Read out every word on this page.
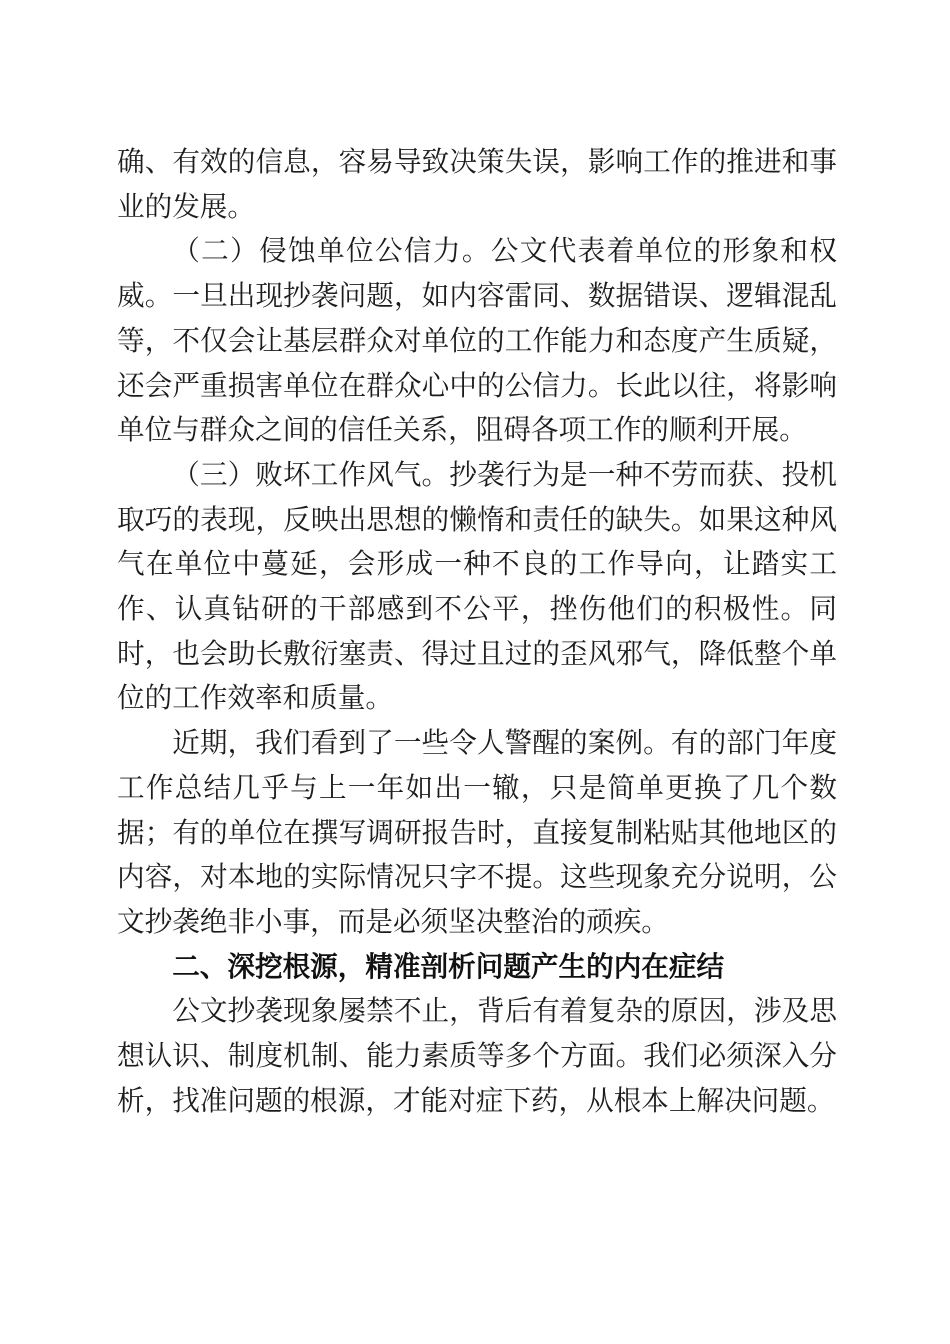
确、有效的信息，容易导致决策失误，影响工作的推进和事业的发展。

（二）侵蚀单位公信力。公文代表着单位的形象和权威。一旦出现抄袭问题，如内容雷同、数据错误、逻辑混乱等，不仅会让基层群众对单位的工作能力和态度产生质疑，还会严重损害单位在群众心中的公信力。长此以往，将影响单位与群众之间的信任关系，阻碍各项工作的顺利开展。

（三）败坏工作风气。抄袭行为是一种不劳而获、投机取巧的表现，反映出思想的懒惰和责任的缺失。如果这种风气在单位中蔓延，会形成一种不良的工作导向，让踏实工作、认真钻研的干部感到不公平，挫伤他们的积极性。同时，也会助长敷衍塞责、得过且过的歪风邪气，降低整个单位的工作效率和质量。

近期，我们看到了一些令人警醒的案例。有的部门年度工作总结几乎与上一年如出一辙，只是简单更换了几个数据；有的单位在撰写调研报告时，直接复制粘贴其他地区的内容，对本地的实际情况只字不提。这些现象充分说明，公文抄袭绝非小事，而是必须坚决整治的顽疾。

二、深挖根源，精准剖析问题产生的内在症结

公文抄袭现象屡禁不止，背后有着复杂的原因，涉及思想认识、制度机制、能力素质等多个方面。我们必须深入分析，找准问题的根源，才能对症下药，从根本上解决问题。
